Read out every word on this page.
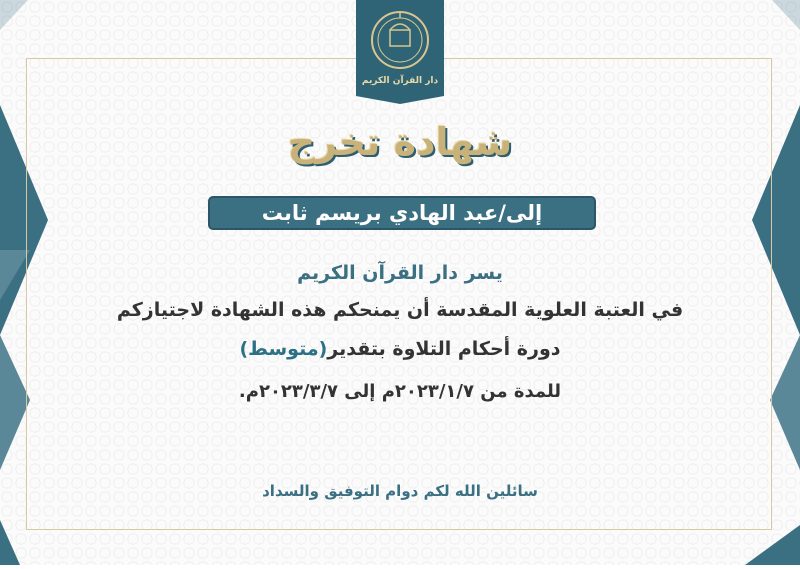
دار القرآن الكريم
شهادة تخرج
إلى/عبد الهادي بريسم ثابت
يسر دار القرآن الكريم
في العتبة العلوية المقدسة أن يمنحكم هذه الشهادة لاجتيازكم
دورة أحكام التلاوة بتقدير(متوسط)
للمدة من ٢٠٢٣/١/٧م إلى ٢٠٢٣/٣/٧م.
سائلين الله لكم دوام التوفيق والسداد
